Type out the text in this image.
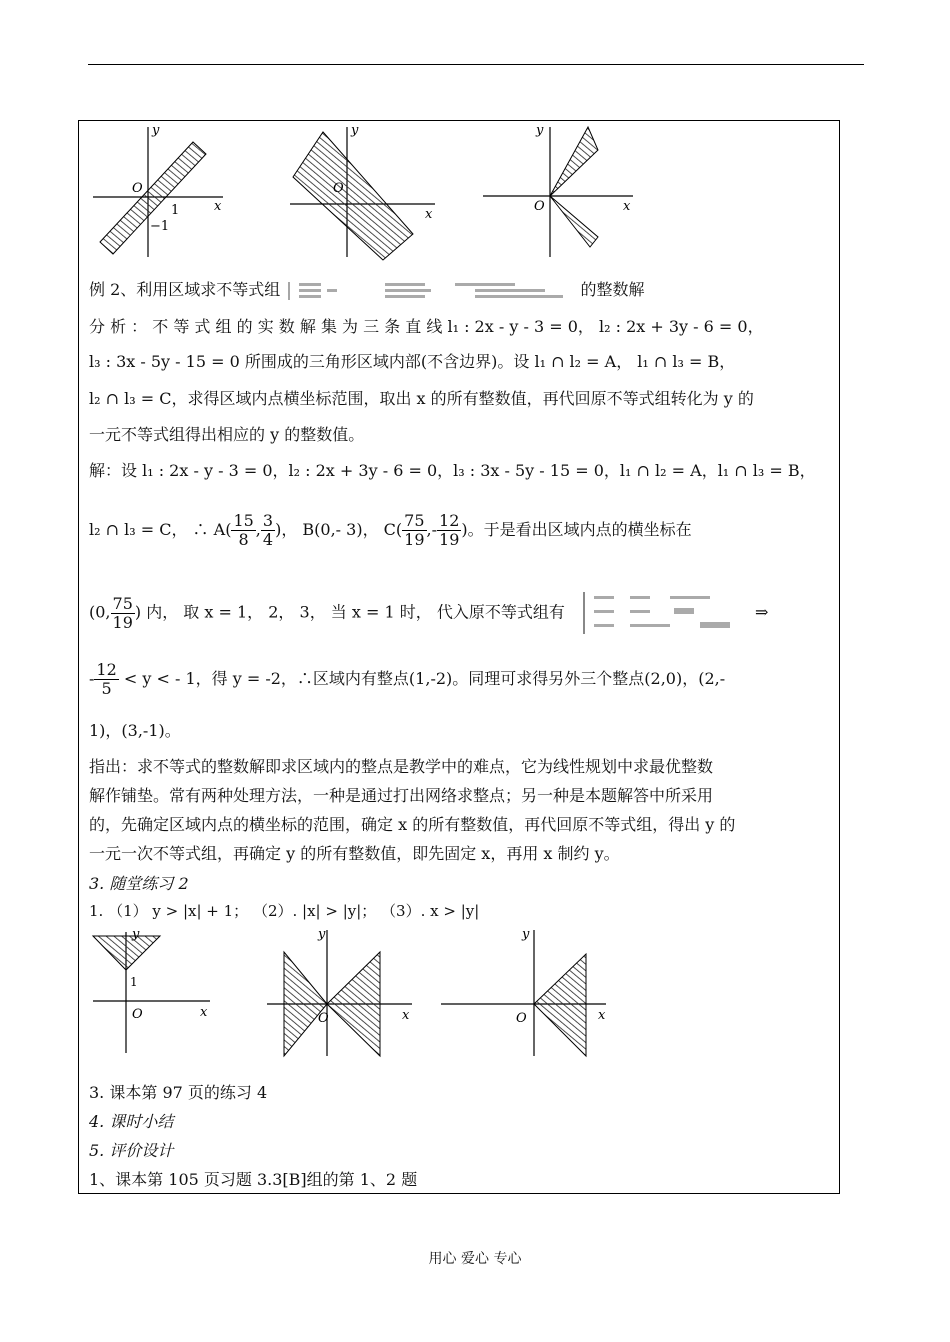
y
x
O
1
−1
y
x
O
y
x
O
例 2、利用区域求不等式组	的整数解
分 析 ： 不 等 式 组 的 实 数 解 集 为 三 条 直 线 l₁ : 2x - y - 3 = 0， l₂ : 2x + 3y - 6 = 0，
l₃ : 3x - 5y - 15 = 0 所围成的三角形区域内部(不含边界)。设 l₁ ∩ l₂ = A， l₁ ∩ l₃ = B，
l₂ ∩ l₃ = C，求得区域内点横坐标范围，取出 x 的所有整数值，再代回原不等式组转化为 y 的
一元不等式组得出相应的 y 的整数值。
解：设 l₁ : 2x - y - 3 = 0，l₂ : 2x + 3y - 6 = 0，l₃ : 3x - 5y - 15 = 0，l₁ ∩ l₂ = A，l₁ ∩ l₃ = B，
l₂ ∩ l₃ = C， ∴ $A( \frac{15}{8}$ , $\frac{3}{4}$ )， B(0,- 3)， $C( \frac{75}{19}$ ,- $\frac{12}{19}$ )。于是看出区域内点的横坐标在
(0, $\frac{75}{19}$ ) 内， 取 x = 1， 2， 3， 当 x = 1 时， 代入原不等式组有	⇒
- $\frac{12}{5} < y$ < - 1，得 y = -2，∴区域内有整点(1,-2)。同理可求得另外三个整点(2,0)，(2,-
1)，(3,-1)。
指出：求不等式的整数解即求区域内的整点是教学中的难点，它为线性规划中求最优整数
解作铺垫。常有两种处理方法，一种是通过打出网络求整点；另一种是本题解答中所采用
的，先确定区域内点的横坐标的范围，确定 x 的所有整数值，再代回原不等式组，得出 y 的
一元一次不等式组，再确定 y 的所有整数值，即先固定 x，再用 x 制约 y。
3. 随堂练习 2
1. （1） y > |x| + 1； （2）. |x| > |y|； （3）. x > |y|
y
x
O
1
y
x
O
y
x
O
3. 课本第 97 页的练习 4
4. 课时小结
5. 评价设计
1、课本第 105 页习题 3.3[B]组的第 1、2 题
用心 爱心 专心
